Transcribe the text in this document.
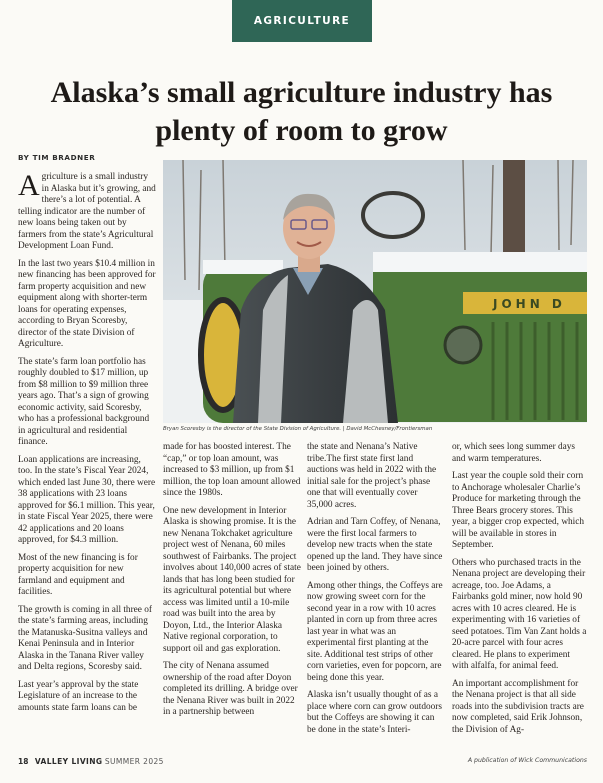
AGRICULTURE
Alaska’s small agriculture industry has plenty of room to grow
BY TIM BRADNER

Agriculture is a small industry in Alaska but it’s growing, and there’s a lot of potential. A telling indicator are the number of new loans being taken out by farmers from the state’s Agricultural Development Loan Fund.

In the last two years $10.4 million in new financing has been approved for farm property acquisition and new equipment along with shorter-term loans for operating expenses, according to Bryan Scoresby, director of the state Division of Agriculture.

The state’s farm loan portfolio has roughly doubled to $17 million, up from $8 million to $9 million three years ago. That’s a sign of growing economic activity, said Scoresby, who has a professional background in agricultural and residential finance.

Loan applications are increasing, too. In the state’s Fiscal Year 2024, which ended last June 30, there were 38 applications with 23 loans approved for $6.1 million. This year, in state Fiscal Year 2025, there were 42 applications and 20 loans approved, for $4.3 million.

Most of the new financing is for property acquisition for new farmland and equipment and facilities.

The growth is coming in all three of the state’s farming areas, including the Matanuska-Susitna valleys and Kenai Peninsula and in Interior Alaska in the Tanana River valley and Delta regions, Scoresby said.

Last year’s approval by the state Legislature of an increase to the amounts state farm loans can be

JOHN D
Bryan Scoresby is the director of the State Division of Agriculture. | David McChesney/Frontiersman

made for has boosted interest. The “cap,” or top loan amount, was increased to $3 million, up from $1 million, the top loan amount allowed since the 1980s.

One new development in Interior Alaska is showing promise. It is the new Nenana Tokchaket agriculture project west of Nenana, 60 miles southwest of Fairbanks. The project involves about 140,000 acres of state lands that has long been studied for its agricultural potential but where access was limited until a 10-mile road was built into the area by Doyon, Ltd., the Interior Alaska Native regional corporation, to support oil and gas exploration.

The city of Nenana assumed ownership of the road after Doyon completed its drilling. A bridge over the Nenana River was built in 2022 in a partnership between

the state and Nenana’s Native tribe.The first state first land auctions was held in 2022 with the initial sale for the project’s phase one that will eventually cover 35,000 acres.

Adrian and Tarn Coffey, of Nenana, were the first local farmers to develop new tracts when the state opened up the land. They have since been joined by others.

Among other things, the Coffeys are now growing sweet corn for the second year in a row with 10 acres planted in corn up from three acres last year in what was an experimental first planting at the site. Additional test strips of other corn varieties, even for popcorn, are being done this year.

Alaska isn’t usually thought of as a place where corn can grow outdoors but the Coffeys are showing it can be done in the state’s Interi-

or, which sees long summer days and warm temperatures.

Last year the couple sold their corn to Anchorage wholesaler Charlie’s Produce for marketing through the Three Bears grocery stores. This year, a bigger crop expected, which will be available in stores in September.

Others who purchased tracts in the Nenana project are developing their acreage, too. Joe Adams, a Fairbanks gold miner, now hold 90 acres with 10 acres cleared. He is experimenting with 16 varieties of seed potatoes. Tim Van Zant holds a 20-acre parcel with four acres cleared. He plans to experiment with alfalfa, for animal feed.

An important accomplishment for the Nenana project is that all side roads into the subdivision tracts are now completed, said Erik Johnson, the Division of Ag-

18 VALLEY LIVING SUMMER 2025	A publication of Wick Communications
